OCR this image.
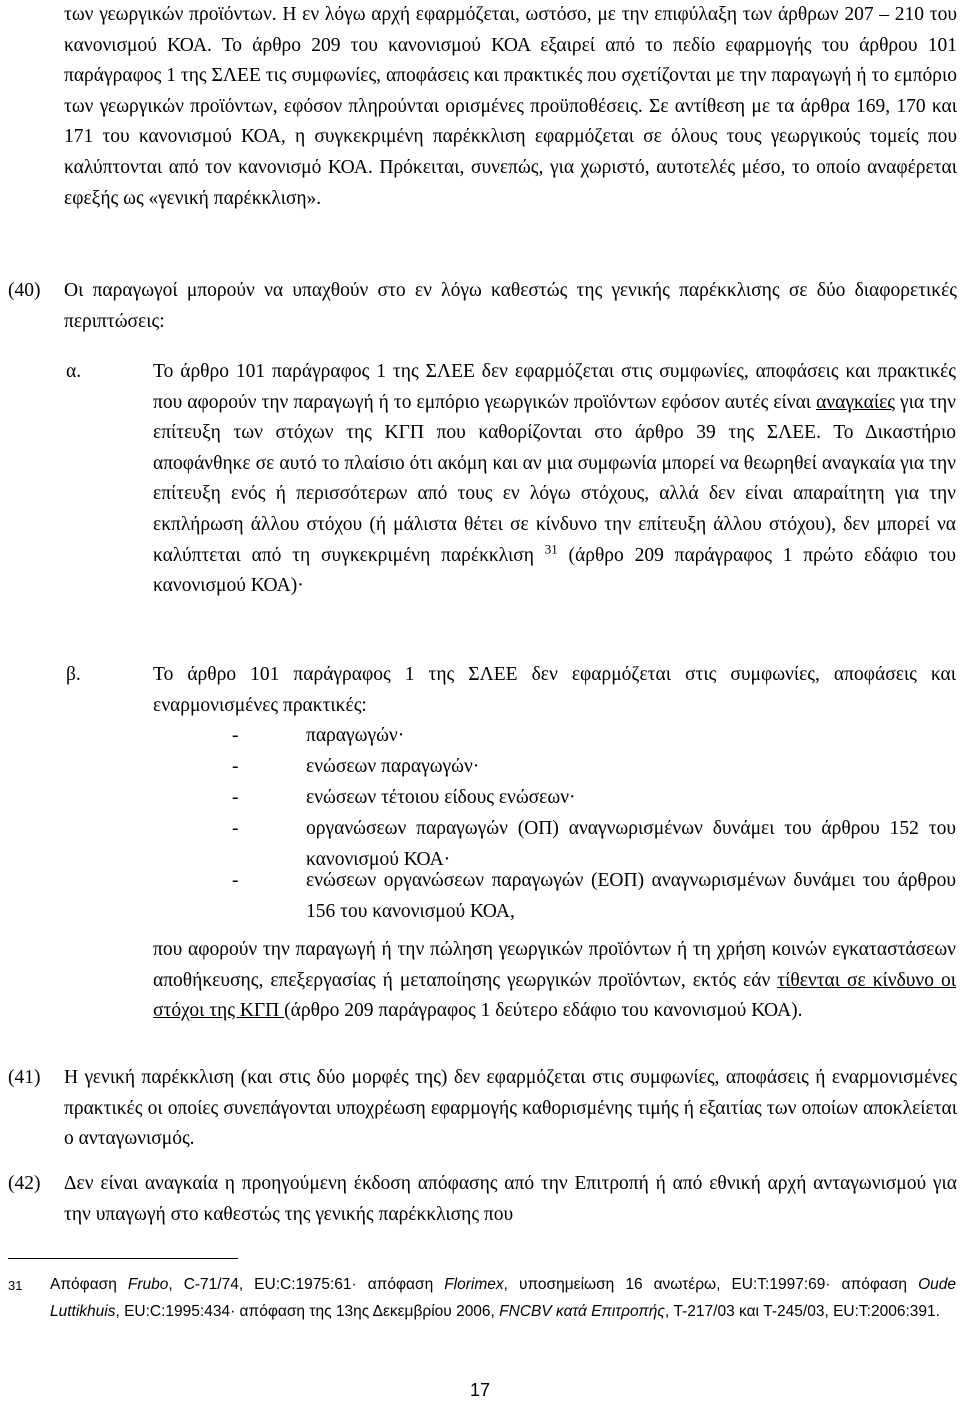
των γεωργικών προϊόντων. Η εν λόγω αρχή εφαρμόζεται, ωστόσο, με την επιφύλαξη των άρθρων 207 – 210 του κανονισμού ΚΟΑ. Το άρθρο 209 του κανονισμού ΚΟΑ εξαιρεί από το πεδίο εφαρμογής του άρθρου 101 παράγραφος 1 της ΣΛΕΕ τις συμφωνίες, αποφάσεις και πρακτικές που σχετίζονται με την παραγωγή ή το εμπόριο των γεωργικών προϊόντων, εφόσον πληρούνται ορισμένες προϋποθέσεις. Σε αντίθεση με τα άρθρα 169, 170 και 171 του κανονισμού ΚΟΑ, η συγκεκριμένη παρέκκλιση εφαρμόζεται σε όλους τους γεωργικούς τομείς που καλύπτονται από τον κανονισμό ΚΟΑ. Πρόκειται, συνεπώς, για χωριστό, αυτοτελές μέσο, το οποίο αναφέρεται εφεξής ως «γενική παρέκκλιση».
(40) Οι παραγωγοί μπορούν να υπαχθούν στο εν λόγω καθεστώς της γενικής παρέκκλισης σε δύο διαφορετικές περιπτώσεις:
α.	Το άρθρο 101 παράγραφος 1 της ΣΛΕΕ δεν εφαρμόζεται στις συμφωνίες, αποφάσεις και πρακτικές που αφορούν την παραγωγή ή το εμπόριο γεωργικών προϊόντων εφόσον αυτές είναι αναγκαίες για την επίτευξη των στόχων της ΚΓΠ που καθορίζονται στο άρθρο 39 της ΣΛΕΕ. Το Δικαστήριο αποφάνθηκε σε αυτό το πλαίσιο ότι ακόμη και αν μια συμφωνία μπορεί να θεωρηθεί αναγκαία για την επίτευξη ενός ή περισσότερων από τους εν λόγω στόχους, αλλά δεν είναι απαραίτητη για την εκπλήρωση άλλου στόχου (ή μάλιστα θέτει σε κίνδυνο την επίτευξη άλλου στόχου), δεν μπορεί να καλύπτεται από τη συγκεκριμένη παρέκκλιση $^{31}$ (άρθρο 209 παράγραφος 1 πρώτο εδάφιο του κανονισμού ΚΟΑ)·
β.	Το άρθρο 101 παράγραφος 1 της ΣΛΕΕ δεν εφαρμόζεται στις συμφωνίες, αποφάσεις και εναρμονισμένες πρακτικές:
-	παραγωγών·
-	ενώσεων παραγωγών·
-	ενώσεων τέτοιου είδους ενώσεων·
-	οργανώσεων παραγωγών (ΟΠ) αναγνωρισμένων δυνάμει του άρθρου 152 του κανονισμού ΚΟΑ·
-	ενώσεων οργανώσεων παραγωγών (ΕΟΠ) αναγνωρισμένων δυνάμει του άρθρου 156 του κανονισμού ΚΟΑ,
που αφορούν την παραγωγή ή την πώληση γεωργικών προϊόντων ή τη χρήση κοινών εγκαταστάσεων αποθήκευσης, επεξεργασίας ή μεταποίησης γεωργικών προϊόντων, εκτός εάν τίθενται σε κίνδυνο οι στόχοι της ΚΓΠ (άρθρο 209 παράγραφος 1 δεύτερο εδάφιο του κανονισμού ΚΟΑ).
(41) Η γενική παρέκκλιση (και στις δύο μορφές της) δεν εφαρμόζεται στις συμφωνίες, αποφάσεις ή εναρμονισμένες πρακτικές οι οποίες συνεπάγονται υποχρέωση εφαρμογής καθορισμένης τιμής ή εξαιτίας των οποίων αποκλείεται ο ανταγωνισμός.
(42) Δεν είναι αναγκαία η προηγούμενη έκδοση απόφασης από την Επιτροπή ή από εθνική αρχή ανταγωνισμού για την υπαγωγή στο καθεστώς της γενικής παρέκκλισης που
31 Απόφαση Frubo, C-71/74, EU:C:1975:61· απόφαση Florimex, υποσημείωση 16 ανωτέρω, EU:T:1997:69· απόφαση Oude Luttikhuis, EU:C:1995:434· απόφαση της 13ης Δεκεμβρίου 2006, FNCBV κατά Επιτροπής, T-217/03 και T-245/03, EU:T:2006:391.
17
